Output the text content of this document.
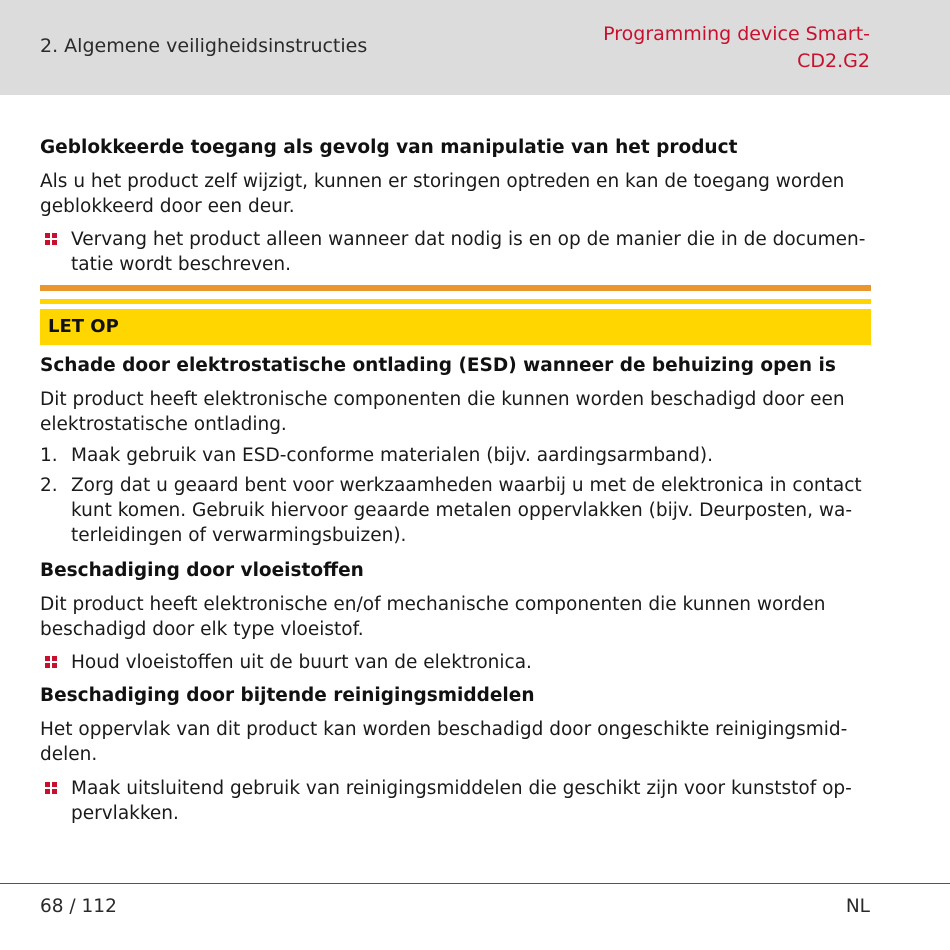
2. Algemene veiligheidsinstructies
Programming device Smart-
CD2.G2
Geblokkeerde toegang als gevolg van manipulatie van het product

Als u het product zelf wijzigt, kunnen er storingen optreden en kan de toegang worden

geblokkeerd door een deur.

Vervang het product alleen wanneer dat nodig is en op de manier die in de documen-
tatie wordt beschreven.
LET OP
Schade door elektrostatische ontlading (ESD) wanneer de behuizing open is

Dit product heeft elektronische componenten die kunnen worden beschadigd door een

elektrostatische ontlading.

1. Maak gebruik van ESD-conforme materialen (bijv. aardingsarmband).
2. Zorg dat u geaard bent voor werkzaamheden waarbij u met de elektronica in contact
kunt komen. Gebruik hiervoor geaarde metalen oppervlakken (bijv. Deurposten, wa-
terleidingen of verwarmingsbuizen).
Beschadiging door vloeistoffen

Dit product heeft elektronische en/of mechanische componenten die kunnen worden

beschadigd door elk type vloeistof.

Houd vloeistoffen uit de buurt van de elektronica.
Beschadiging door bijtende reinigingsmiddelen

Het oppervlak van dit product kan worden beschadigd door ongeschikte reinigingsmid-

delen.

Maak uitsluitend gebruik van reinigingsmiddelen die geschikt zijn voor kunststof op-
pervlakken.
68 / 112	NL
